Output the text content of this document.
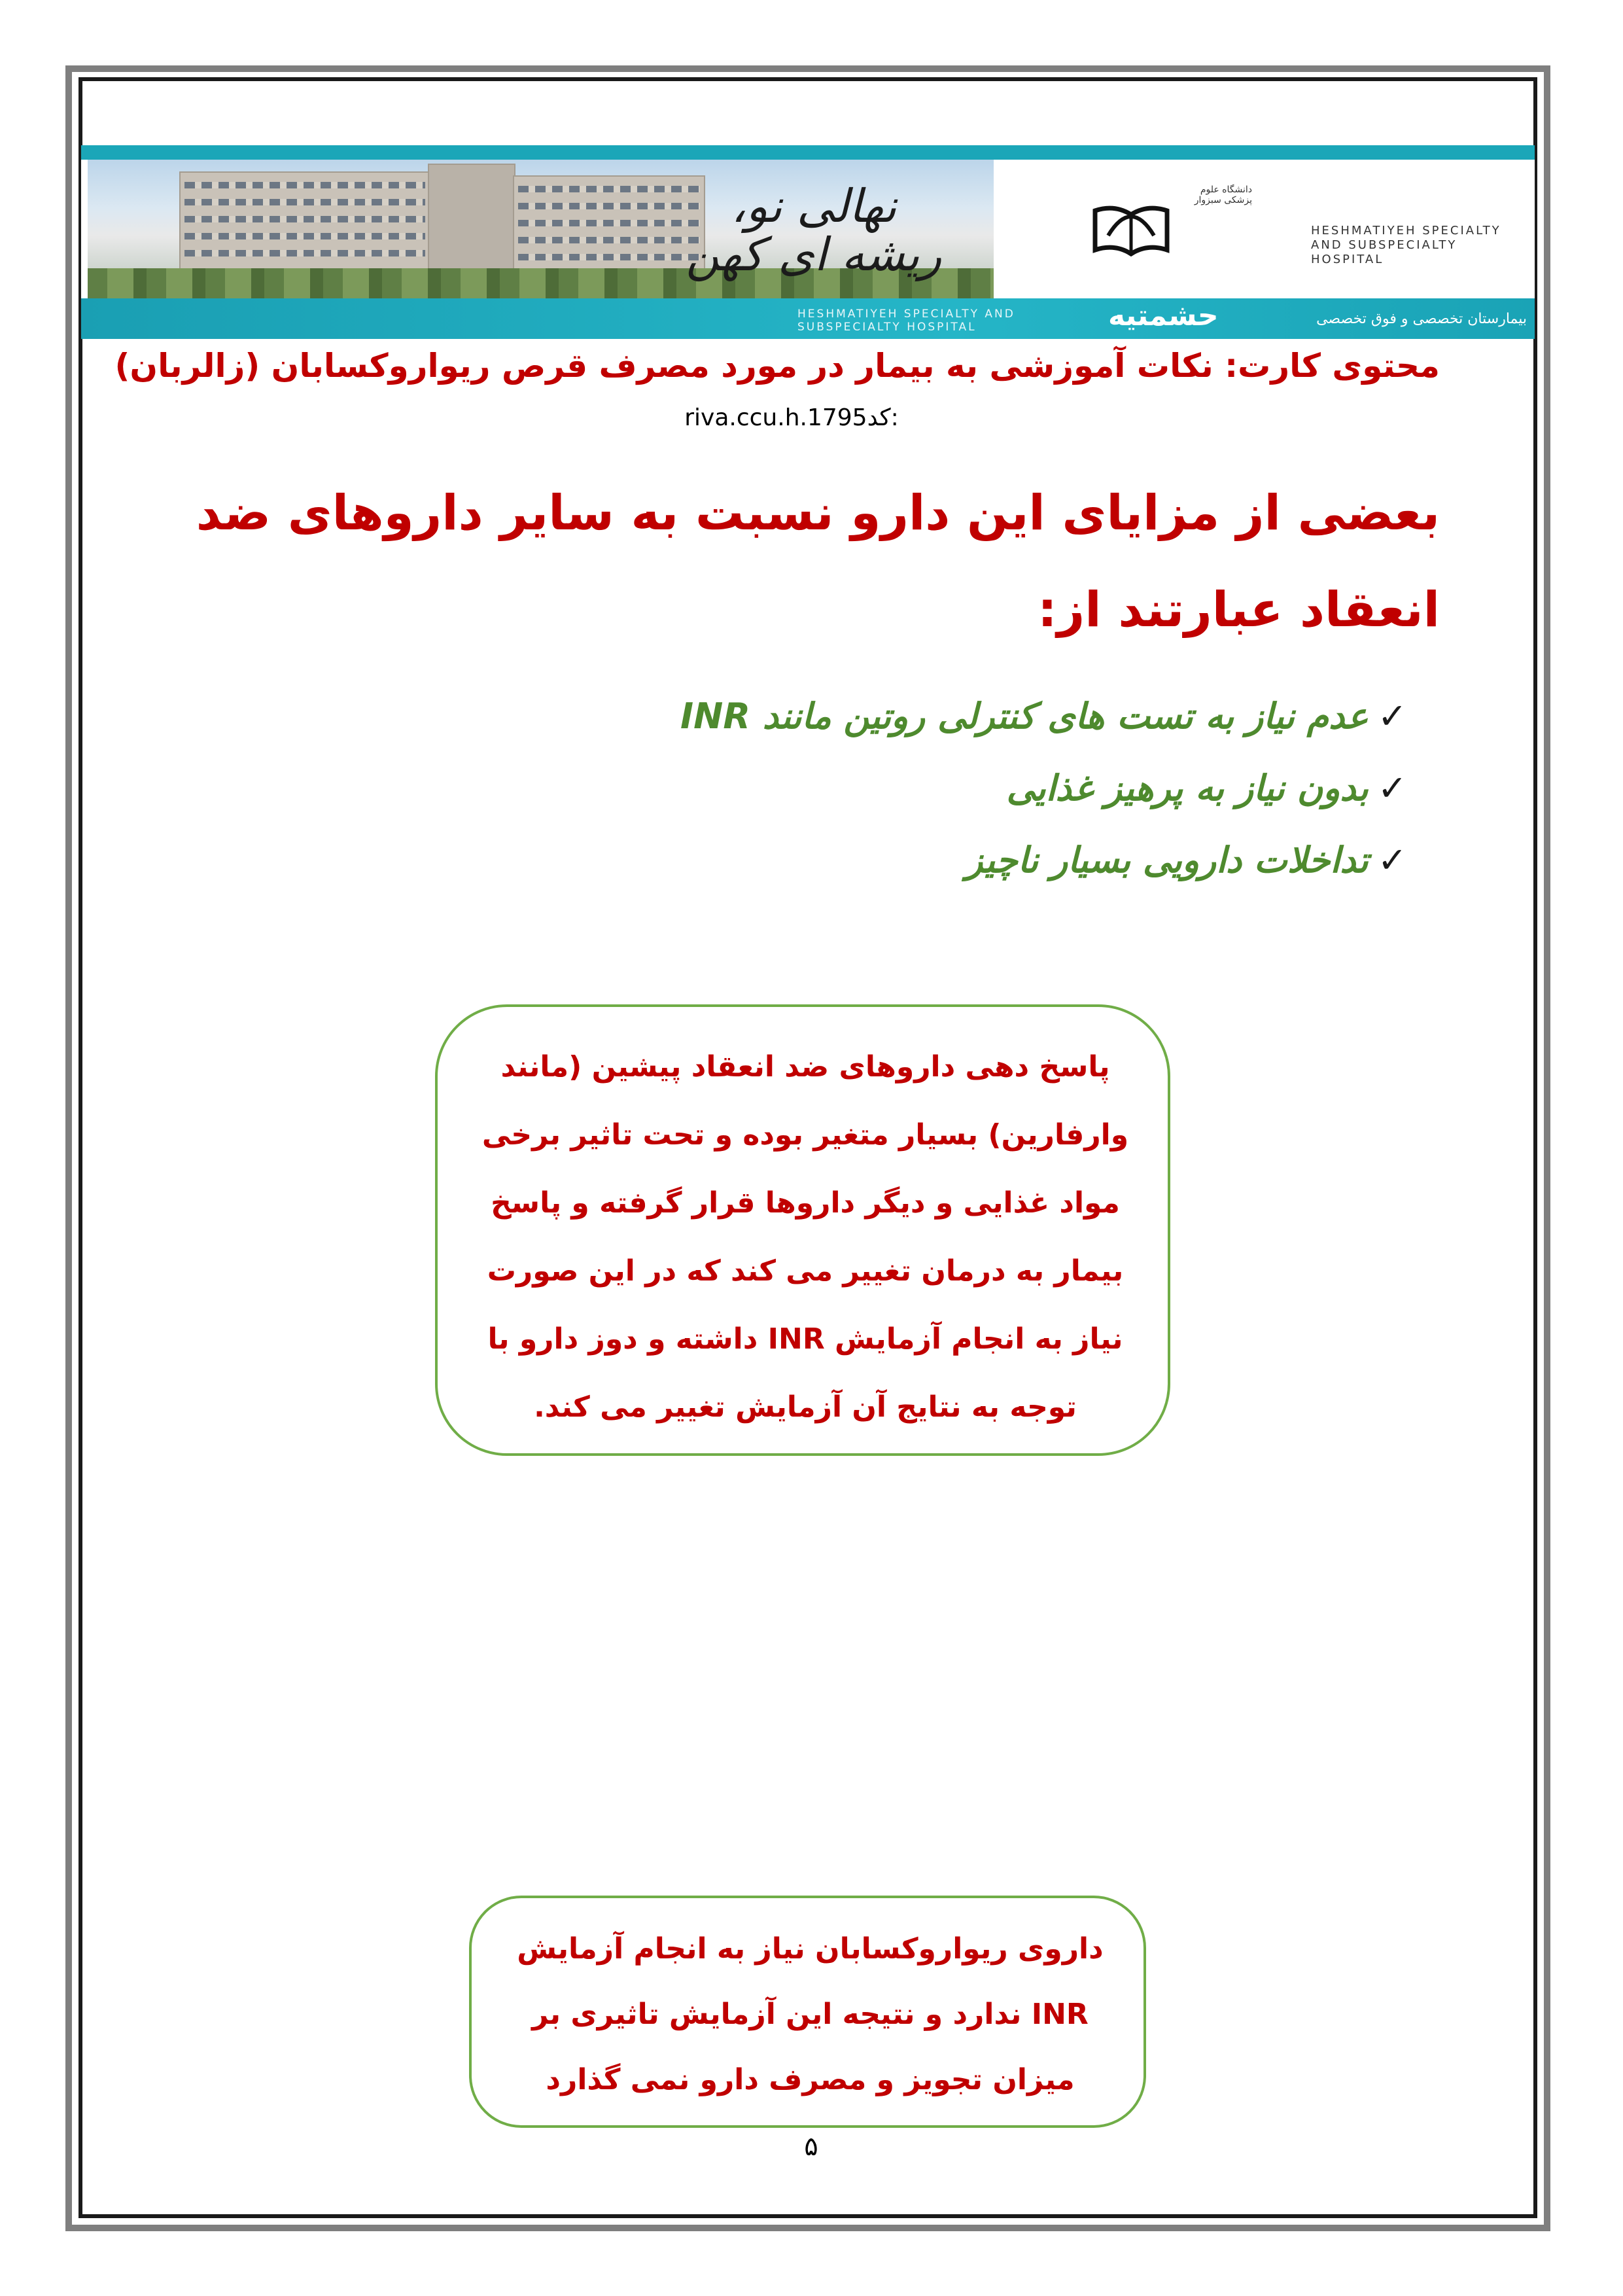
نهالی نو، ریشه ای کهن
دانشگاه علوم پزشکی سبزوار
HESHMATIYEH SPECIALTY AND SUBSPECIALTY HOSPITAL
HESHMATIYEH SPECIALTY AND SUBSPECIALTY HOSPITAL	حشمتیه	بیمارستان تخصصی و فوق تخصصی
محتوی کارت: نکات آموزشی به بیمار در مورد مصرف قرص ریواروکسابان (زالربان)
riva.ccu.h.1795کد:
بعضی از مزایای این دارو نسبت به سایر داروهای ضد انعقاد عبارتند از:
✓عدم نیاز به تست های کنترلی روتین مانند INR
✓بدون نیاز به پرهیز غذایی
✓تداخلات دارویی بسیار ناچیز
پاسخ دهی داروهای ضد انعقاد پیشین (مانند وارفارین) بسیار متغیر بوده و تحت تاثیر برخی مواد غذایی و دیگر داروها قرار گرفته و پاسخ بیمار به درمان تغییر می کند که در این صورت نیاز به انجام آزمایش INR داشته و دوز دارو با توجه به نتایج آن آزمایش تغییر می کند.
داروی ریواروکسابان نیاز به انجام آزمایش INR ندارد و نتیجه این آزمایش تاثیری بر میزان تجویز و مصرف دارو نمی گذارد
۵
